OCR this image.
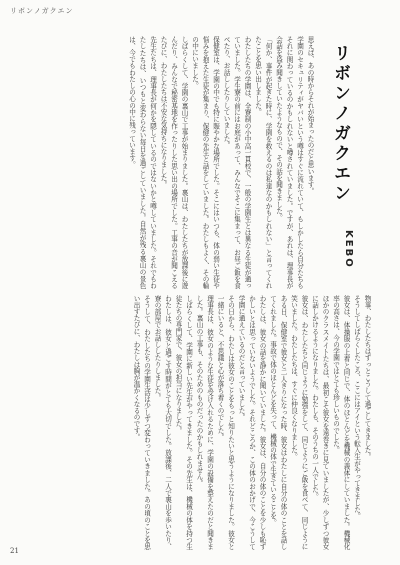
リボンノガクエン
リボンノガクエン
KEBO

思えば、あの時からそれが始まったのだと思います。

学園のセキュリティがヤバいという噂はすぐに流れていて、もしかしたら自分たちもそれに関わっているのかもしれないと噂されていました。ですが、あれは、理事長が会話を盗み聞きしていたようなもので、その話を聞きました。

「何か、事件が起きた時に、学園を救えるのは私達なのかもしれない」と言ってくれたことを思い出しました。

わたしたちの学園は、全寮制の小中高一貫校で、一般の学園生とは異なる生徒が通っていました。学生寮の前にはお庭があって、みんなでそこに集まって、お昼ご飯を食べたり、お話ししたりしていました。

保健室は、学園の中でも特に賑やかな場所でした。そこにはいつも、体の弱い生徒や悩みを抱えた生徒が集まり、保健の先生と話をしていました。わたしもよく、その輪の中にいました。

しばらくして、学園の裏山で工事が始まりました。裏山は、わたしたちが放課後に遊んだり、みんなで秘密基地を作ったりした思い出の場所でした。工事の音が聞こえるたびに、わたしたちは不安な気持ちになりました。

先生たちは、理事長が何かを隠しているのではないかと噂していました。それでもわたしたちは、いつもと変わらない毎日を過ごしていました。自然が残る裏山の景色は、今でもわたしの心の中に残っています。

物事、わたしたちはずっとこうして過ごしてきました。

そうしてしばらくしたころ、ここにはアイという転入生がやってきました。

彼女は、体操服の上着と同じで、体のほとんどを機械の義体にしていました。機械化率の高さは、今の学園ではとても珍しいものでした。

ほかのクラスメイトたちは、最初こそ彼女を遠巻きに見ていましたが、少しずつ彼女に話しかけるようになりました。わたしも、そのうちの一人でした。

彼女は、わたしたちと同じように勉強をして、同じようにご飯を食べて、同じように笑いました。わたしたちは、すぐに仲良くなりました。

ある日、保健室で彼女と二人きりになった時、彼女はわたしに自分の体のことを話してくれました。事故で体のほとんどを失って、機械の体で生きていることを。

わたしは、彼女の話を静かに聞いていました。彼女は、自分の体のことを少しも恥ずかしいとは思っていないようでした。それどころか、この体のおかげで、今こうして学園に通えているのだと言っていました。

その日から、わたしは彼女のことをもっと知りたいと思うようになりました。彼女と一緒にいると、不思議と心が落ち着くのでした。

理事長は、彼女のような生徒を受け入れるために、学園の設備を整えたのだと聞きました。裏山の工事も、そのためのものだったのかもしれません。

しばらくして、学園に新しい先生がやってきました。その先生は、機械の体を持つ生徒たちの専門家で、彼女の担当になりました。

わたしは、彼女と過ごす時間がとても大切でした。放課後、二人で裏山を歩いたり、寮の部屋でお話ししたりしました。

そうして、わたしたちの学園生活は少しずつ変わっていきました。あの頃のことを思い出すたびに、わたしは胸が温かくなるのです。

21
